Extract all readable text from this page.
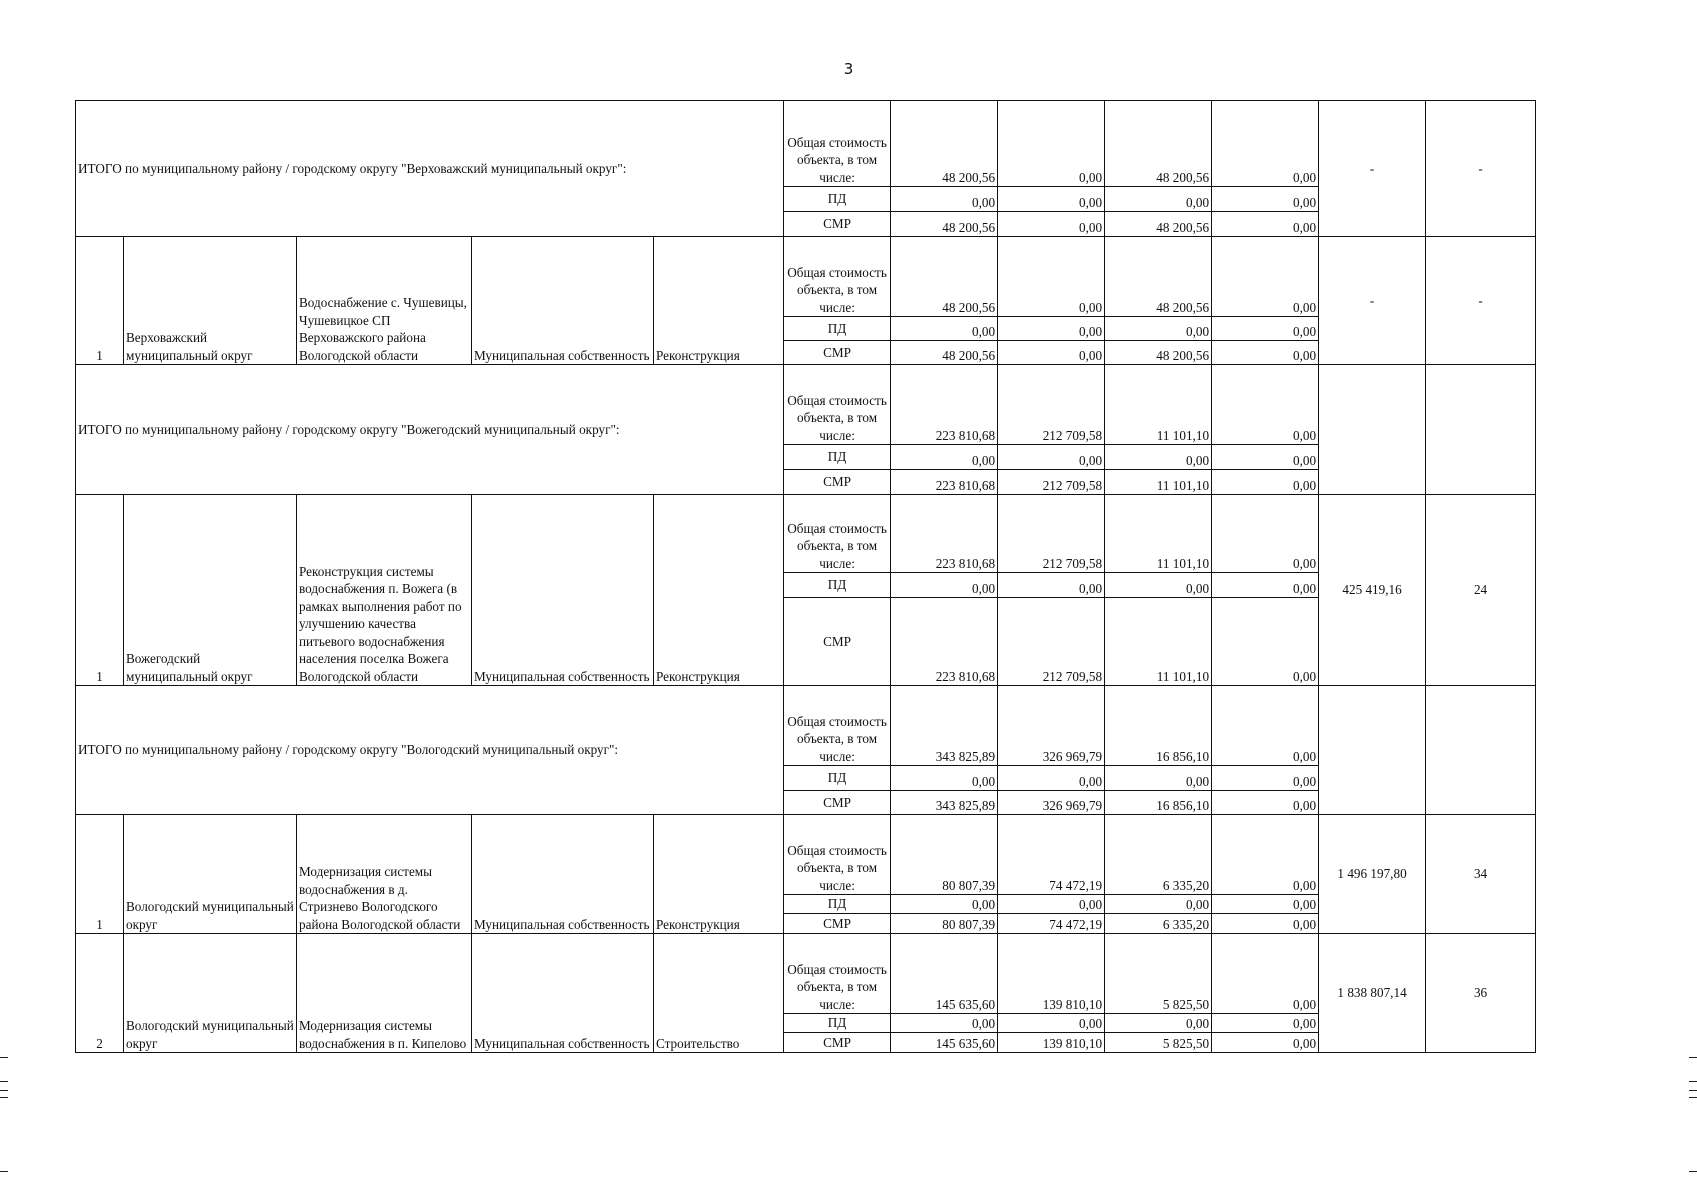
3
ИТОГО по муниципальному району / городскому округу "Верховажский муниципальный округ":					Общая стоимость объекта, в том числе:	48 200,56	0,00	48 200,56	0,00	-	-
					ПД	0,00	0,00	0,00	0,00		
					СМР	48 200,56	0,00	48 200,56	0,00		
1	Верховажский муниципальный округ	Водоснабжение с. Чушевицы, Чушевицкое СП Верховажского района Вологодской области	Муниципальная собственность	Реконструкция	Общая стоимость объекта, в том числе:	48 200,56	0,00	48 200,56	0,00	-	-
					ПД	0,00	0,00	0,00	0,00		
					СМР	48 200,56	0,00	48 200,56	0,00		
ИТОГО по муниципальному району / городскому округу "Вожегодский муниципальный округ":					Общая стоимость объекта, в том числе:	223 810,68	212 709,58	11 101,10	0,00		
					ПД	0,00	0,00	0,00	0,00		
					СМР	223 810,68	212 709,58	11 101,10	0,00		
1	Вожегодский муниципальный округ	Реконструкция системы водоснабжения п. Вожега (в рамках выполнения работ по улучшению качества питьевого водоснабжения населения поселка Вожега Вологодской области	Муниципальная собственность	Реконструкция	Общая стоимость объекта, в том числе:	223 810,68	212 709,58	11 101,10	0,00	425 419,16	24
					ПД	0,00	0,00	0,00	0,00		
					СМР	223 810,68	212 709,58	11 101,10	0,00		
ИТОГО по муниципальному району / городскому округу "Вологодский муниципальный округ":					Общая стоимость объекта, в том числе:	343 825,89	326 969,79	16 856,10	0,00		
					ПД	0,00	0,00	0,00	0,00		
					СМР	343 825,89	326 969,79	16 856,10	0,00		
1	Вологодский муниципальный округ	Модернизация системы водоснабжения в д. Стризнево Вологодского района Вологодской области	Муниципальная собственность	Реконструкция	Общая стоимость объекта, в том числе:	80 807,39	74 472,19	6 335,20	0,00	1 496 197,80	34
					ПД	0,00	0,00	0,00	0,00		
					СМР	80 807,39	74 472,19	6 335,20	0,00		
2	Вологодский муниципальный округ	Модернизация системы водоснабжения в п. Кипелово	Муниципальная собственность	Строительство	Общая стоимость объекта, в том числе:	145 635,60	139 810,10	5 825,50	0,00	1 838 807,14	36
					ПД	0,00	0,00	0,00	0,00		
					СМР	145 635,60	139 810,10	5 825,50	0,00		
